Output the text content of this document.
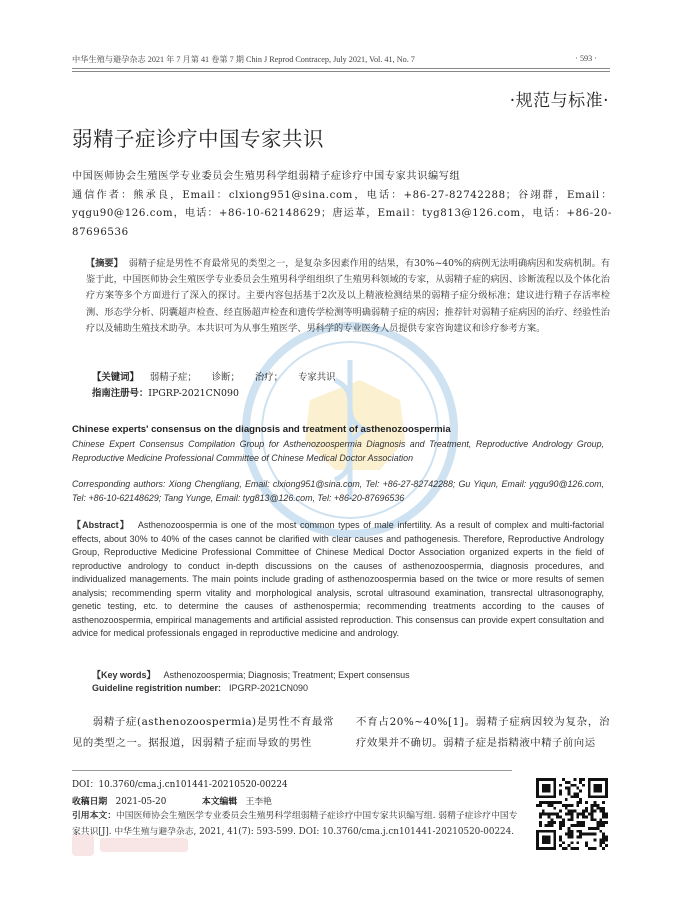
中华生殖与避孕杂志 2021 年 7 月第 41 卷第 7 期 Chin J Reprod Contracep, July 2021, Vol. 41, No. 7	· 593 ·
·规范与标准·
弱精子症诊疗中国专家共识
中国医师协会生殖医学专业委员会生殖男科学组弱精子症诊疗中国专家共识编写组
通信作者：熊承良，Email：clxiong951@sina.com，电话：+86-27-82742288；谷翊群，Email：yqgu90@126.com，电话：+86-10-62148629；唐运革，Email：tyg813@126.com，电话：+86-20-87696536
【摘要】 弱精子症是男性不育最常见的类型之一，是复杂多因素作用的结果，有30%~40%的病例无法明确病因和发病机制。有鉴于此，中国医师协会生殖医学专业委员会生殖男科学组组织了生殖男科领域的专家，从弱精子症的病因、诊断流程以及个体化治疗方案等多个方面进行了深入的探讨。主要内容包括基于2次及以上精液检测结果的弱精子症分级标准；建议进行精子存活率检测、形态学分析、阴囊超声检查、经直肠超声检查和遗传学检测等明确弱精子症的病因；推荐针对弱精子症病因的治疗、经验性治疗以及辅助生殖技术助孕。本共识可为从事生殖医学、男科学的专业医务人员提供专家咨询建议和诊疗参考方案。
【关键词】 弱精子症； 诊断； 治疗； 专家共识
指南注册号：IPGRP-2021CN090
Chinese experts' consensus on the diagnosis and treatment of asthenozoospermia
Chinese Expert Consensus Compilation Group for Asthenozoospermia Diagnosis and Treatment, Reproductive Andrology Group, Reproductive Medicine Professional Committee of Chinese Medical Doctor Association
Corresponding authors: Xiong Chengliang, Email: clxiong951@sina.com, Tel: +86-27-82742288; Gu Yiqun, Email: yqgu90@126.com, Tel: +86-10-62148629; Tang Yunge, Email: tyg813@126.com, Tel: +86-20-87696536
【Abstract】 Asthenozoospermia is one of the most common types of male infertility. As a result of complex and multi-factorial effects, about 30% to 40% of the cases cannot be clarified with clear causes and pathogenesis. Therefore, Reproductive Andrology Group, Reproductive Medicine Professional Committee of Chinese Medical Doctor Association organized experts in the field of reproductive andrology to conduct in-depth discussions on the causes of asthenozoospermia, diagnosis procedures, and individualized managements. The main points include grading of asthenozoospermia based on the twice or more results of semen analysis; recommending sperm vitality and morphological analysis, scrotal ultrasound examination, transrectal ultrasonography, genetic testing, etc. to determine the causes of asthenospermia; recommending treatments according to the causes of asthenozoospermia, empirical managements and artificial assisted reproduction. This consensus can provide expert consultation and advice for medical professionals engaged in reproductive medicine and andrology.
【Key words】 Asthenozoospermia; Diagnosis; Treatment; Expert consensus
Guideline registrition number: IPGRP-2021CN090
弱精子症(asthenozoospermia)是男性不育最常见的类型之一。据报道，因弱精子症而导致的男性
不育占20%~40%[1]。弱精子症病因较为复杂，治疗效果并不确切。弱精子症是指精液中精子前向运
DOI：10.3760/cma.j.cn101441-20210520-00224
收稿日期 2021-05-20	本文编辑 王李艳
引用本文：中国医师协会生殖医学专业委员会生殖男科学组弱精子症诊疗中国专家共识编写组. 弱精子症诊疗中国专家共识[J]. 中华生殖与避孕杂志, 2021, 41(7): 593-599. DOI: 10.3760/cma.j.cn101441-20210520-00224.
